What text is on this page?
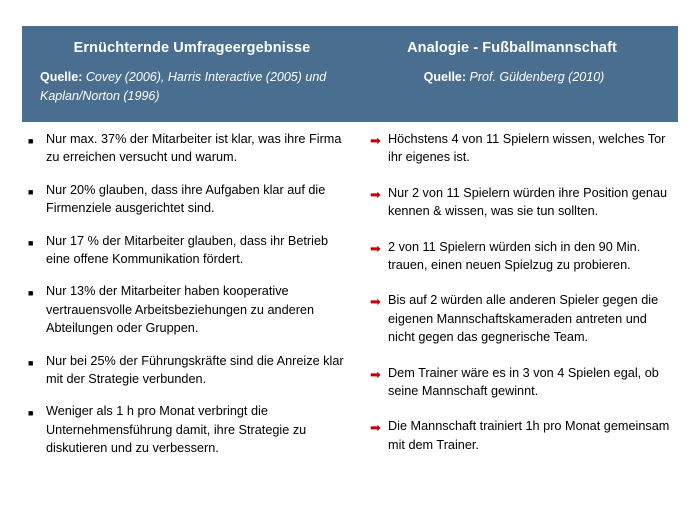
Ernüchternde Umfrageergebnisse
Quelle: Covey (2006), Harris Interactive (2005) und Kaplan/Norton (1996)
Analogie - Fußballmannschaft
Quelle: Prof. Güldenberg (2010)
■ Nur max. 37% der Mitarbeiter ist klar, was ihre Firma zu erreichen versucht und warum.
■ Nur 20% glauben, dass ihre Aufgaben klar auf die Firmenziele ausgerichtet sind.
■ Nur 17 % der Mitarbeiter glauben, dass ihr Betrieb eine offene Kommunikation fördert.
■ Nur 13% der Mitarbeiter haben kooperative vertrauensvolle Arbeitsbeziehungen zu anderen Abteilungen oder Gruppen.
■ Nur bei 25% der Führungskräfte sind die Anreize klar mit der Strategie verbunden.
■ Weniger als 1 h pro Monat verbringt die Unternehmensführung damit, ihre Strategie zu diskutieren und zu verbessern.
➡ Höchstens 4 von 11 Spielern wissen, welches Tor ihr eigenes ist.
➡ Nur 2 von 11 Spielern würden ihre Position genau kennen & wissen, was sie tun sollten.
➡ 2 von 11 Spielern würden sich in den 90 Min. trauen, einen neuen Spielzug zu probieren.
➡ Bis auf 2 würden alle anderen Spieler gegen die eigenen Mannschaftskameraden antreten und nicht gegen das gegnerische Team.
➡ Dem Trainer wäre es in 3 von 4 Spielen egal, ob seine Mannschaft gewinnt.
➡ Die Mannschaft trainiert 1h pro Monat gemeinsam mit dem Trainer.
